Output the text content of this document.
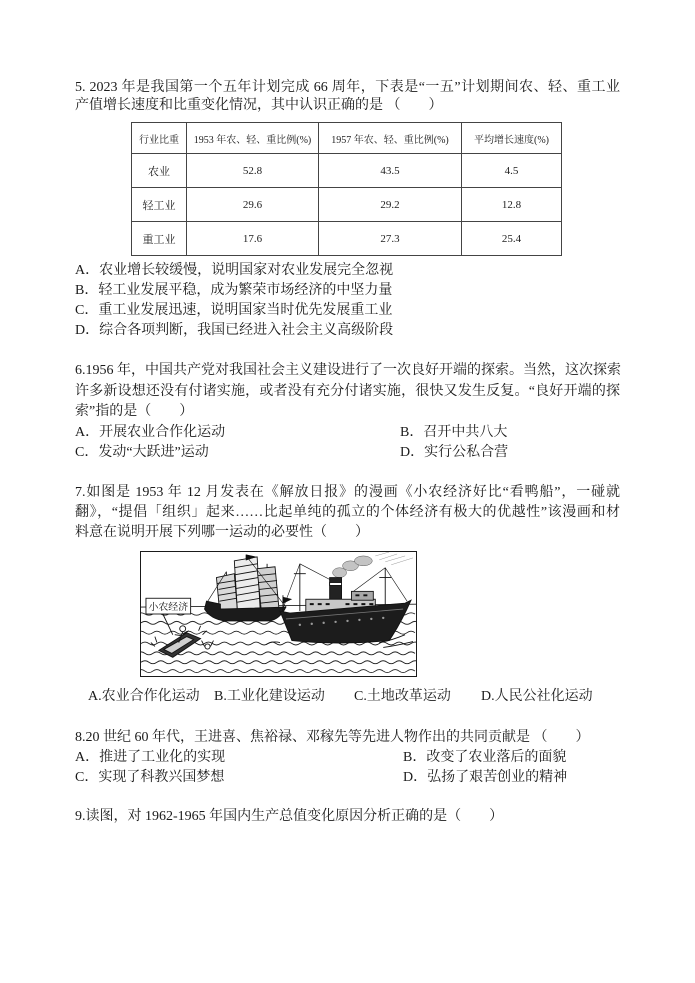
5. 2023 年是我国第一个五年计划完成 66 周年，下表是“一五”计划期间农、轻、重工业
产值增长速度和比重变化情况，其中认识正确的是 （　　）
行业比重	1953 年农、轻、重比例(%)	1957 年农、轻、重比例(%)	平均增长速度(%)
农业	52.8	43.5	4.5
轻工业	29.6	29.2	12.8
重工业	17.6	27.3	25.4
A．农业增长较缓慢，说明国家对农业发展完全忽视
B．轻工业发展平稳，成为繁荣市场经济的中坚力量
C．重工业发展迅速，说明国家当时优先发展重工业
D．综合各项判断，我国已经进入社会主义高级阶段
6.1956 年，中国共产党对我国社会主义建设进行了一次良好开端的探索。当然，这次探索
许多新设想还没有付诸实施，或者没有充分付诸实施，很快又发生反复。“良好开端的探
索”指的是（　　）
A．开展农业合作化运动	B．召开中共八大
C．发动“大跃进”运动	D．实行公私合营
7.如图是 1953 年 12 月发表在《解放日报》的漫画《小农经济好比“看鸭船”，一碰就
翻》，“提倡「组织」起来……比起单纯的孤立的个体经济有极大的优越性”该漫画和材
料意在说明开展下列哪一运动的必要性（　　）
小农经济
A.农业合作化运动 B.工业化建设运动 C.土地改革运动 D.人民公社化运动
8.20 世纪 60 年代，王进喜、焦裕禄、邓稼先等先进人物作出的共同贡献是 （　　）
A．推进了工业化的实现	B．改变了农业落后的面貌
C．实现了科教兴国梦想	D．弘扬了艰苦创业的精神
9.读图，对 1962-1965 年国内生产总值变化原因分析正确的是（　　）
